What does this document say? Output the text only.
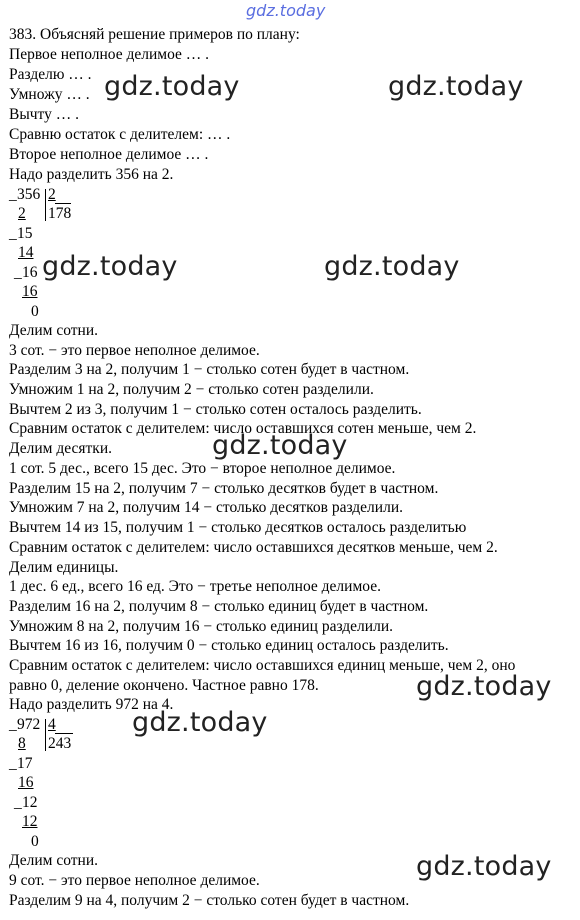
gdz.today
383. Объясняй решение примеров по плану:
Первое неполное делимое … .
Разделю … .
Умножу … .
Вычту … .
Сравню остаток с делителем: … .
Второе неполное делимое … .
Надо разделить 356 на 2.
_ 356 2
2 178
_ 15
14
_ 16
16
0
Делим сотни.
3 сот. − это первое неполное делимое.
Разделим 3 на 2, получим 1 − столько сотен будет в частном.
Умножим 1 на 2, получим 2 − столько сотен разделили.
Вычтем 2 из 3, получим 1 − столько сотен осталось разделить.
Сравним остаток с делителем: число оставшихся сотен меньше, чем 2.
Делим десятки.
1 сот. 5 дес., всего 15 дес. Это − второе неполное делимое.
Разделим 15 на 2, получим 7 − столько десятков будет в частном.
Умножим 7 на 2, получим 14 − столько десятков разделили.
Вычтем 14 из 15, получим 1 − столько десятков осталось разделитью
Сравним остаток с делителем: число оставшихся десятков меньше, чем 2.
Делим единицы.
1 дес. 6 ед., всего 16 ед. Это − третье неполное делимое.
Разделим 16 на 2, получим 8 − столько единиц будет в частном.
Умножим 8 на 2, получим 16 − столько единиц разделили.
Вычтем 16 из 16, получим 0 − столько единиц осталось разделить.
Сравним остаток с делителем: число оставшихся единиц меньше, чем 2, оно
равно 0, деление окончено. Частное равно 178.
Надо разделить 972 на 4.
_ 972 4
8 243
_ 17
16
_ 12
12
0
Делим сотни.
9 сот. − это первое неполное делимое.
Разделим 9 на 4, получим 2 − столько сотен будет в частном.
gdz.today	gdz.today
gdz.today	gdz.today
gdz.today
gdz.today
gdz.today
gdz.today
